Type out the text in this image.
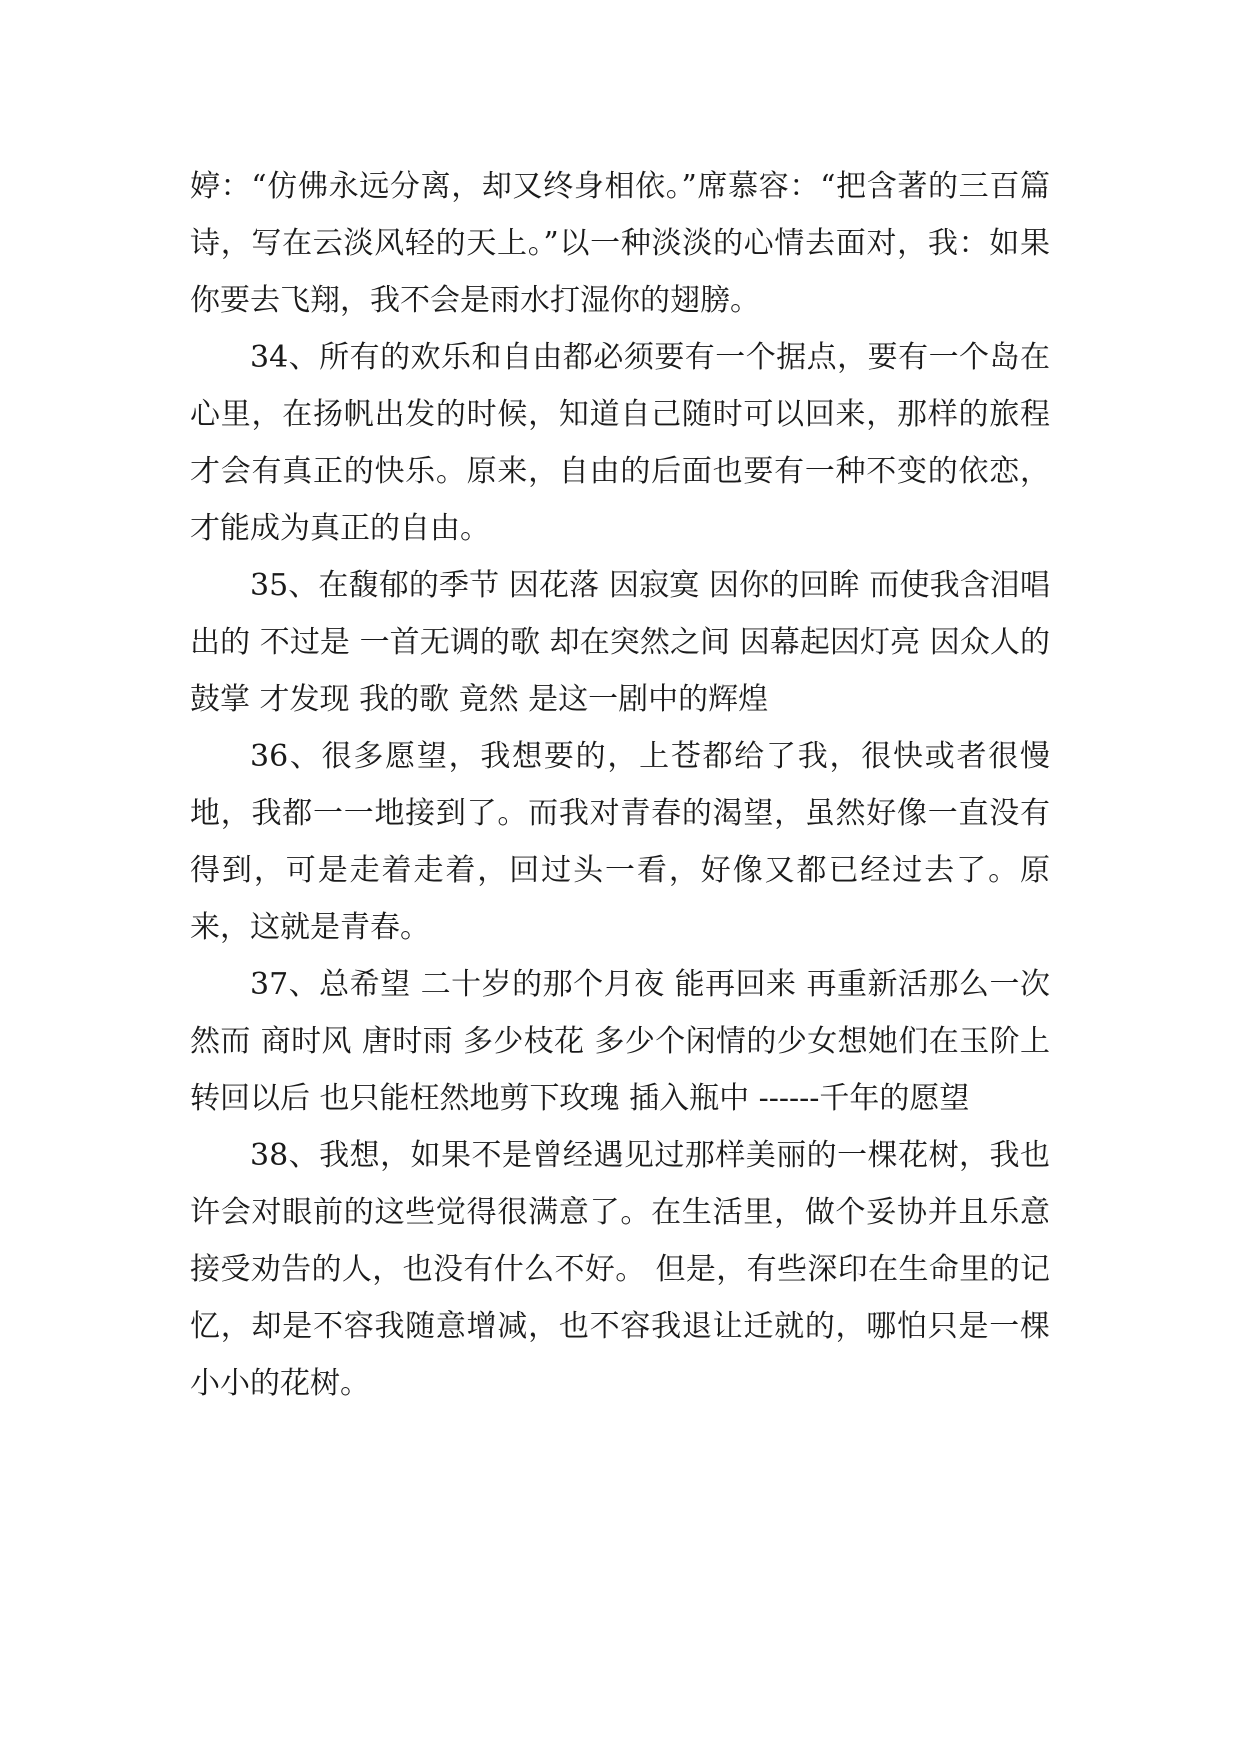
婷：“仿佛永远分离，却又终身相依。”席慕容：“把含著的三百篇诗，写在云淡风轻的天上。”以一种淡淡的心情去面对，我：如果你要去飞翔，我不会是雨水打湿你的翅膀。

34、所有的欢乐和自由都必须要有一个据点，要有一个岛在心里，在扬帆出发的时候，知道自己随时可以回来，那样的旅程才会有真正的快乐。原来，自由的后面也要有一种不变的依恋，才能成为真正的自由。

35、在馥郁的季节 因花落 因寂寞 因你的回眸 而使我含泪唱出的 不过是 一首无调的歌 却在突然之间 因幕起因灯亮 因众人的鼓掌 才发现 我的歌 竟然 是这一剧中的辉煌

36、很多愿望，我想要的，上苍都给了我，很快或者很慢地，我都一一地接到了。而我对青春的渴望，虽然好像一直没有得到，可是走着走着，回过头一看，好像又都已经过去了。原来，这就是青春。

37、总希望 二十岁的那个月夜 能再回来 再重新活那么一次 然而 商时风 唐时雨 多少枝花 多少个闲情的少女想她们在玉阶上转回以后 也只能枉然地剪下玫瑰 插入瓶中 ------千年的愿望

38、我想，如果不是曾经遇见过那样美丽的一棵花树，我也许会对眼前的这些觉得很满意了。在生活里，做个妥协并且乐意接受劝告的人，也没有什么不好。 但是，有些深印在生命里的记忆，却是不容我随意增减，也不容我退让迁就的，哪怕只是一棵小小的花树。
